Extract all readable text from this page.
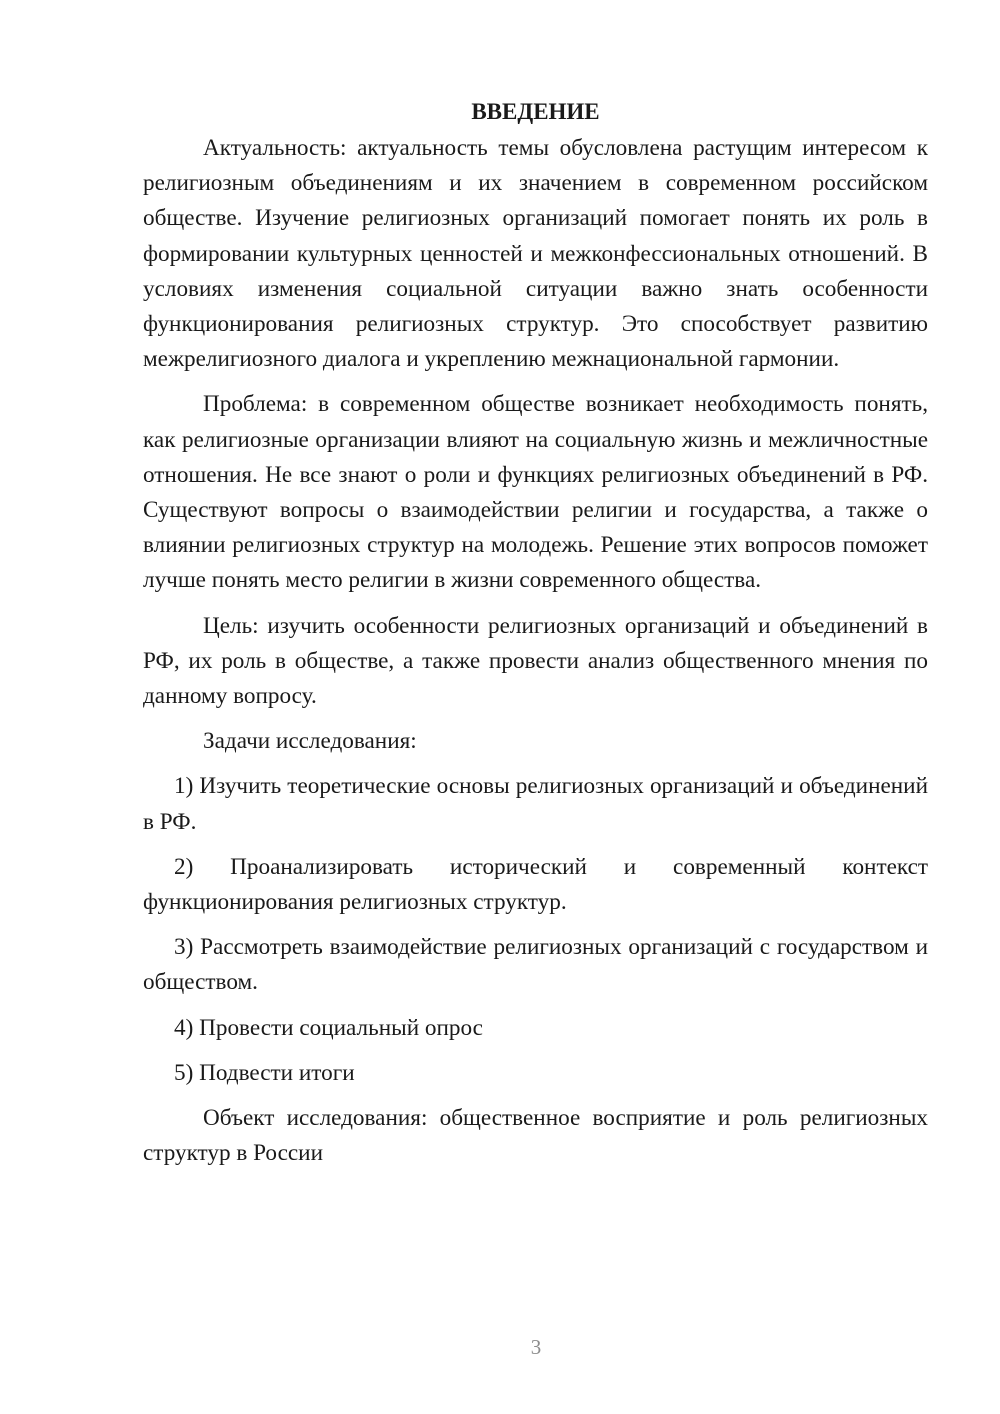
ВВЕДЕНИЕ

Актуальность: актуальность темы обусловлена растущим интересом к религиозным объединениям и их значением в современном российском обществе. Изучение религиозных организаций помогает понять их роль в формировании культурных ценностей и межконфессиональных отношений. В условиях изменения социальной ситуации важно знать особенности функционирования религиозных структур. Это способствует развитию межрелигиозного диалога и укреплению межнациональной гармонии.

Проблема: в современном обществе возникает необходимость понять, как религиозные организации влияют на социальную жизнь и межличностные отношения. Не все знают о роли и функциях религиозных объединений в РФ. Существуют вопросы о взаимодействии религии и государства, а также о влиянии религиозных структур на молодежь. Решение этих вопросов поможет лучше понять место религии в жизни современного общества.

Цель: изучить особенности религиозных организаций и объединений в РФ, их роль в обществе, а также провести анализ общественного мнения по данному вопросу.

Задачи исследования:

1) Изучить теоретические основы религиозных организаций и объединений в РФ.

2) Проанализировать исторический и современный контекст функционирования религиозных структур.

3) Рассмотреть взаимодействие религиозных организаций с государством и обществом.

4) Провести социальный опрос

5) Подвести итоги

Объект исследования: общественное восприятие и роль религиозных структур в России

3
